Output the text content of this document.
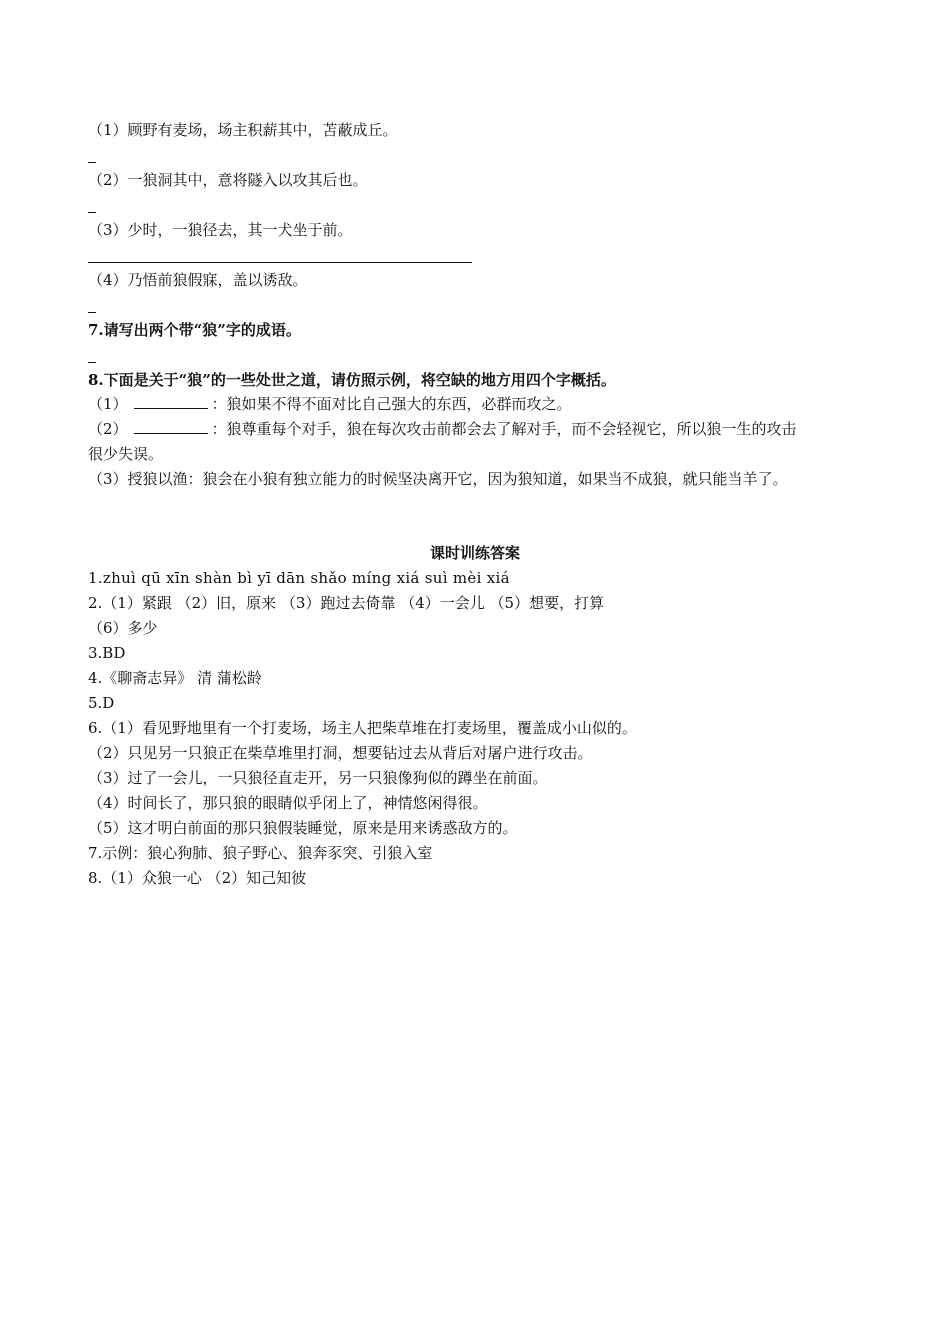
（1）顾野有麦场，场主积薪其中，苫蔽成丘。
（2）一狼洞其中，意将隧入以攻其后也。
（3）少时，一狼径去，其一犬坐于前。
（4）乃悟前狼假寐，盖以诱敌。
7.请写出两个带“狼”字的成语。
8.下面是关于“狼”的一些处世之道，请仿照示例，将空缺的地方用四个字概括。
（1）	：狼如果不得不面对比自己强大的东西，必群而攻之。
（2）	：狼尊重每个对手，狼在每次攻击前都会去了解对手，而不会轻视它，所以狼一生的攻击
很少失误。
（3）授狼以渔：狼会在小狼有独立能力的时候坚决离开它，因为狼知道，如果当不成狼，就只能当羊了。
课时训练答案
1.zhuì qū xīn shàn bì yī dān shǎo míng xiá suì mèi xiá
2.（1）紧跟 （2）旧，原来 （3）跑过去倚靠 （4）一会儿 （5）想要，打算
（6）多少
3.BD
4.《聊斋志异》 清 蒲松龄
5.D
6.（1）看见野地里有一个打麦场，场主人把柴草堆在打麦场里，覆盖成小山似的。
（2）只见另一只狼正在柴草堆里打洞，想要钻过去从背后对屠户进行攻击。
（3）过了一会儿，一只狼径直走开，另一只狼像狗似的蹲坐在前面。
（4）时间长了，那只狼的眼睛似乎闭上了，神情悠闲得很。
（5）这才明白前面的那只狼假装睡觉，原来是用来诱惑敌方的。
7.示例：狼心狗肺、狼子野心、狼奔豕突、引狼入室
8.（1）众狼一心 （2）知己知彼
